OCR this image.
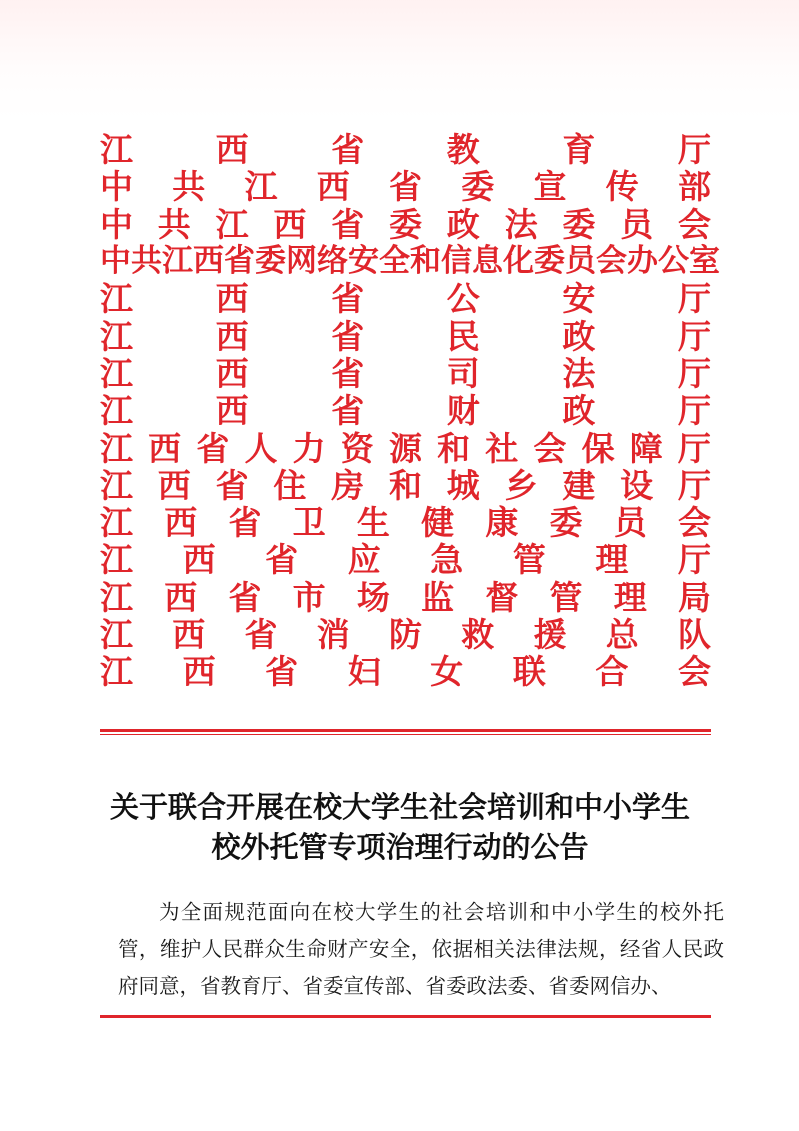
江	西	省	教	育	厅
中 共 江 西 省 委 宣 传 部
中 共 江 西 省 委 政 法 委 员 会
中 共 江 西 省 委 网 络 安 全 和 信 息 化 委 员 会 办 公 室
江	西	省	公	安	厅
江	西	省	民	政	厅
江	西	省	司	法	厅
江	西	省	财	政	厅
江 西 省 人 力 资 源 和 社 会 保 障 厅
江 西 省 住 房 和 城 乡 建 设 厅
江 西 省 卫 生 健 康 委 员 会
江 西 省 应 急 管 理 厅
江 西 省 市 场 监 督 管 理 局
江 西 省 消 防 救 援 总 队
江 西 省 妇 女 联 合 会
关于联合开展在校大学生社会培训和中小学生
校外托管专项治理行动的公告

为全面规范面向在校大学生的社会培训和中小学生的校外托管，维护人民群众生命财产安全，依据相关法律法规，经省人民政府同意，省教育厅、省委宣传部、省委政法委、省委网信办、
